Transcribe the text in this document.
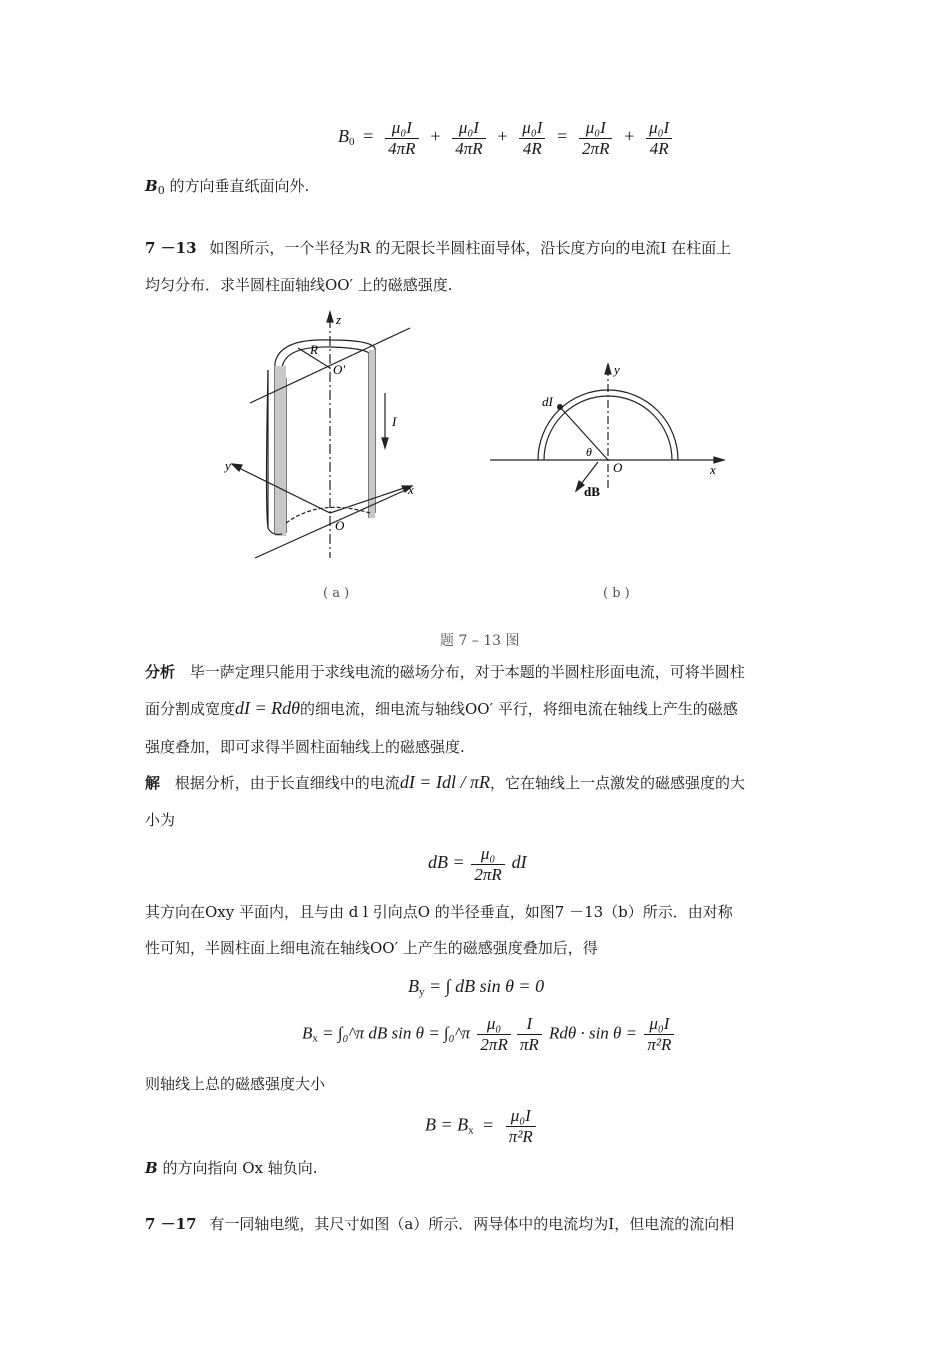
$B_0 = \frac{\text{μ₀I}}{4\pi R} + \frac{\text{μ₀I}}{4\pi R} + \frac{\text{μ₀I}}{4R} = \frac{\text{μ₀I}}{2\pi R} + \frac{\text{μ₀I}}{4R}$
$B_0$ 的方向垂直纸面向外.
7 －13 如图所示，一个半径为R 的无限长半圆柱面导体，沿长度方向的电流I 在柱面上
均匀分布．求半圆柱面轴线OO′ 上的磁感强度.
z
R
O′
I
y
x
O
( a )
y
dI
θ
O	x
dB
( b )
题 7 – 13 图
分析 毕一萨定理只能用于求线电流的磁场分布，对于本题的半圆柱形面电流，可将半圆柱
面分割成宽度dI = Rdθ的细电流，细电流与轴线OO′ 平行，将细电流在轴线上产生的磁感
强度叠加，即可求得半圆柱面轴线上的磁感强度.
解 根据分析，由于长直细线中的电流dI = Idl / πR，它在轴线上一点激发的磁感强度的大
小为
dB = $\frac{\text{μ₀}}{2\pi R}$ dI
其方向在Oxy 平面内，且与由 d l 引向点O 的半径垂直，如图7 －13（b）所示．由对称
性可知，半圆柱面上细电流在轴线OO′ 上产生的磁感强度叠加后，得
$B_y$ = ∫ dB sin θ = 0
$B_x$ = ∫₀^π dB sin θ = ∫₀^π $\frac{\text{μ₀}}{2\pi R} \frac{I}{\pi R}$ $Rd\theta \cdot \sin \theta = \frac{\text{μ₀I}}{\text{π²R}}$
则轴线上总的磁感强度大小
$B = B_x = \frac{\text{μ₀I}}{\text{π²R}}$
B 的方向指向 Ox 轴负向.
7 －17 有一同轴电缆，其尺寸如图（a）所示．两导体中的电流均为I，但电流的流向相
